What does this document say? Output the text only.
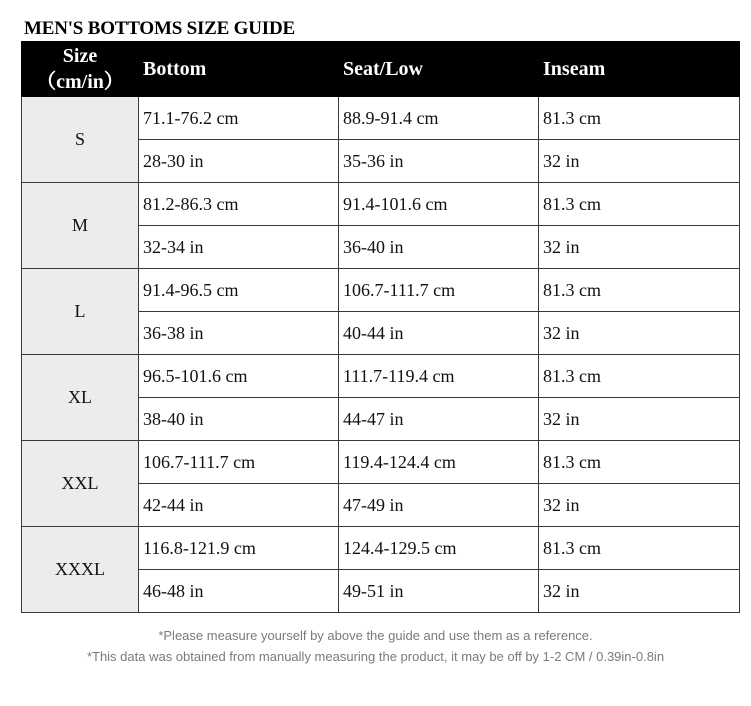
MEN'S BOTTOMS SIZE GUIDE
Size
（cm/in）	Bottom	Seat/Low	Inseam
S	71.1-76.2 cm	88.9-91.4 cm	81.3 cm
	28-30 in	35-36 in	32 in
M	81.2-86.3 cm	91.4-101.6 cm	81.3 cm
	32-34 in	36-40 in	32 in
L	91.4-96.5 cm	106.7-111.7 cm	81.3 cm
	36-38 in	40-44 in	32 in
XL	96.5-101.6 cm	111.7-119.4 cm	81.3 cm
	38-40 in	44-47 in	32 in
XXL	106.7-111.7 cm	119.4-124.4 cm	81.3 cm
	42-44 in	47-49 in	32 in
XXXL	116.8-121.9 cm	124.4-129.5 cm	81.3 cm
	46-48 in	49-51 in	32 in
*Please measure yourself by above the guide and use them as a reference.
*This data was obtained from manually measuring the product, it may be off by 1-2 CM / 0.39in-0.8in
